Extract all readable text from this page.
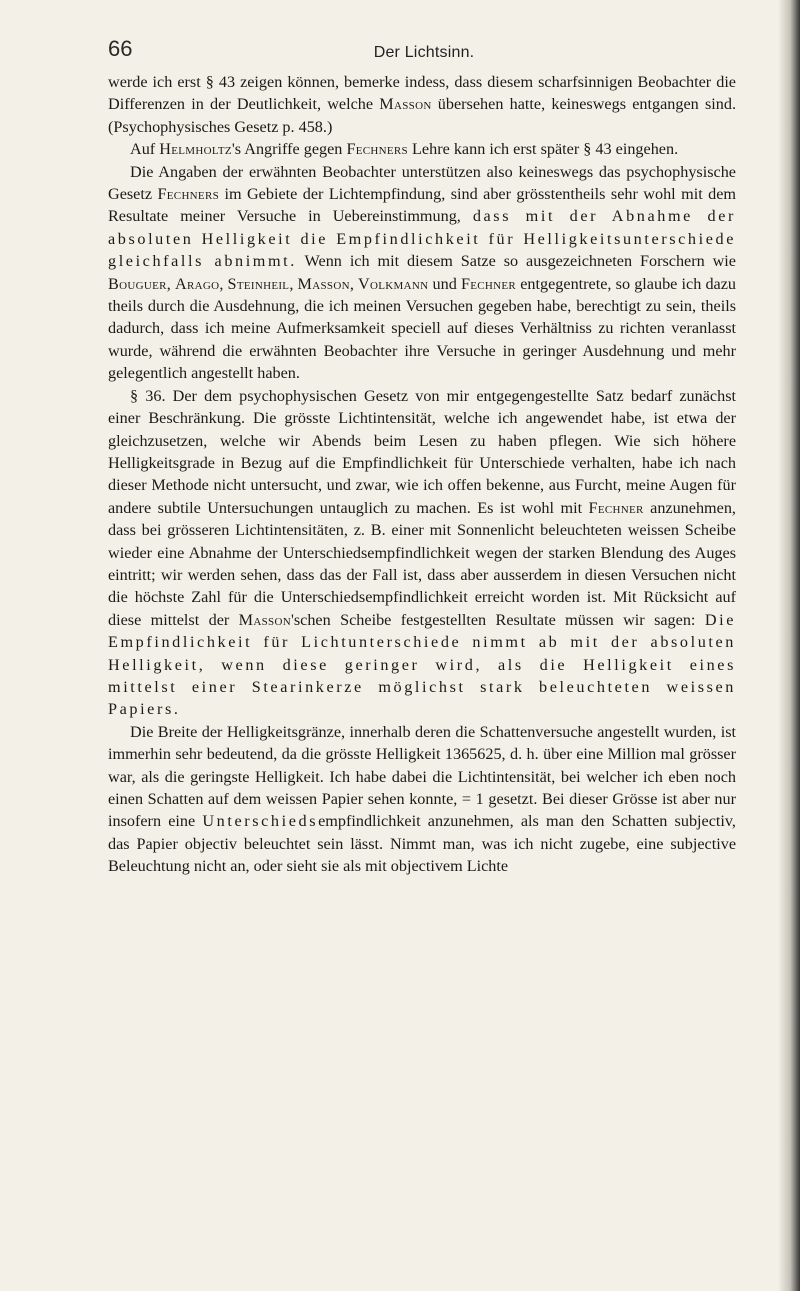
66	Der Lichtsinn.

werde ich erst § 43 zeigen können, bemerke indess, dass diesem scharfsinnigen Beobachter die Differenzen in der Deutlichkeit, welche Masson übersehen hatte, keineswegs entgangen sind. (Psychophysisches Gesetz p. 458.)

Auf Helmholtz's Angriffe gegen Fechners Lehre kann ich erst später § 43 eingehen.

Die Angaben der erwähnten Beobachter unterstützen also keineswegs das psychophysische Gesetz Fechners im Gebiete der Lichtempfindung, sind aber grösstentheils sehr wohl mit dem Resultate meiner Versuche in Uebereinstimmung, dass mit der Abnahme der absoluten Helligkeit die Empfindlichkeit für Helligkeitsunterschiede gleichfalls abnimmt. Wenn ich mit diesem Satze so ausgezeichneten Forschern wie Bouguer, Arago, Steinheil, Masson, Volkmann und Fechner entgegentrete, so glaube ich dazu theils durch die Ausdehnung, die ich meinen Versuchen gegeben habe, berechtigt zu sein, theils dadurch, dass ich meine Aufmerksamkeit speciell auf dieses Verhältniss zu richten veranlasst wurde, während die erwähnten Beobachter ihre Versuche in geringer Ausdehnung und mehr gelegentlich angestellt haben.

§ 36. Der dem psychophysischen Gesetz von mir entgegengestellte Satz bedarf zunächst einer Beschränkung. Die grösste Lichtintensität, welche ich angewendet habe, ist etwa der gleichzusetzen, welche wir Abends beim Lesen zu haben pflegen. Wie sich höhere Helligkeitsgrade in Bezug auf die Empfindlichkeit für Unterschiede verhalten, habe ich nach dieser Methode nicht untersucht, und zwar, wie ich offen bekenne, aus Furcht, meine Augen für andere subtile Untersuchungen untauglich zu machen. Es ist wohl mit Fechner anzunehmen, dass bei grösseren Lichtintensitäten, z. B. einer mit Sonnenlicht beleuchteten weissen Scheibe wieder eine Abnahme der Unterschiedsempfindlichkeit wegen der starken Blendung des Auges eintritt; wir werden sehen, dass das der Fall ist, dass aber ausserdem in diesen Versuchen nicht die höchste Zahl für die Unterschiedsempfindlichkeit erreicht worden ist. Mit Rücksicht auf diese mittelst der Masson'schen Scheibe festgestellten Resultate müssen wir sagen: Die Empfindlichkeit für Lichtunterschiede nimmt ab mit der absoluten Helligkeit, wenn diese geringer wird, als die Helligkeit eines mittelst einer Stearinkerze möglichst stark beleuchteten weissen Papiers.

Die Breite der Helligkeitsgränze, innerhalb deren die Schattenversuche angestellt wurden, ist immerhin sehr bedeutend, da die grösste Helligkeit 1365625, d. h. über eine Million mal grösser war, als die geringste Helligkeit. Ich habe dabei die Lichtintensität, bei welcher ich eben noch einen Schatten auf dem weissen Papier sehen konnte, = 1 gesetzt. Bei dieser Grösse ist aber nur insofern eine Unterschiedsempfindlichkeit anzunehmen, als man den Schatten subjectiv, das Papier objectiv beleuchtet sein lässt. Nimmt man, was ich nicht zugebe, eine subjective Beleuchtung nicht an, oder sieht sie als mit objectivem Lichte
